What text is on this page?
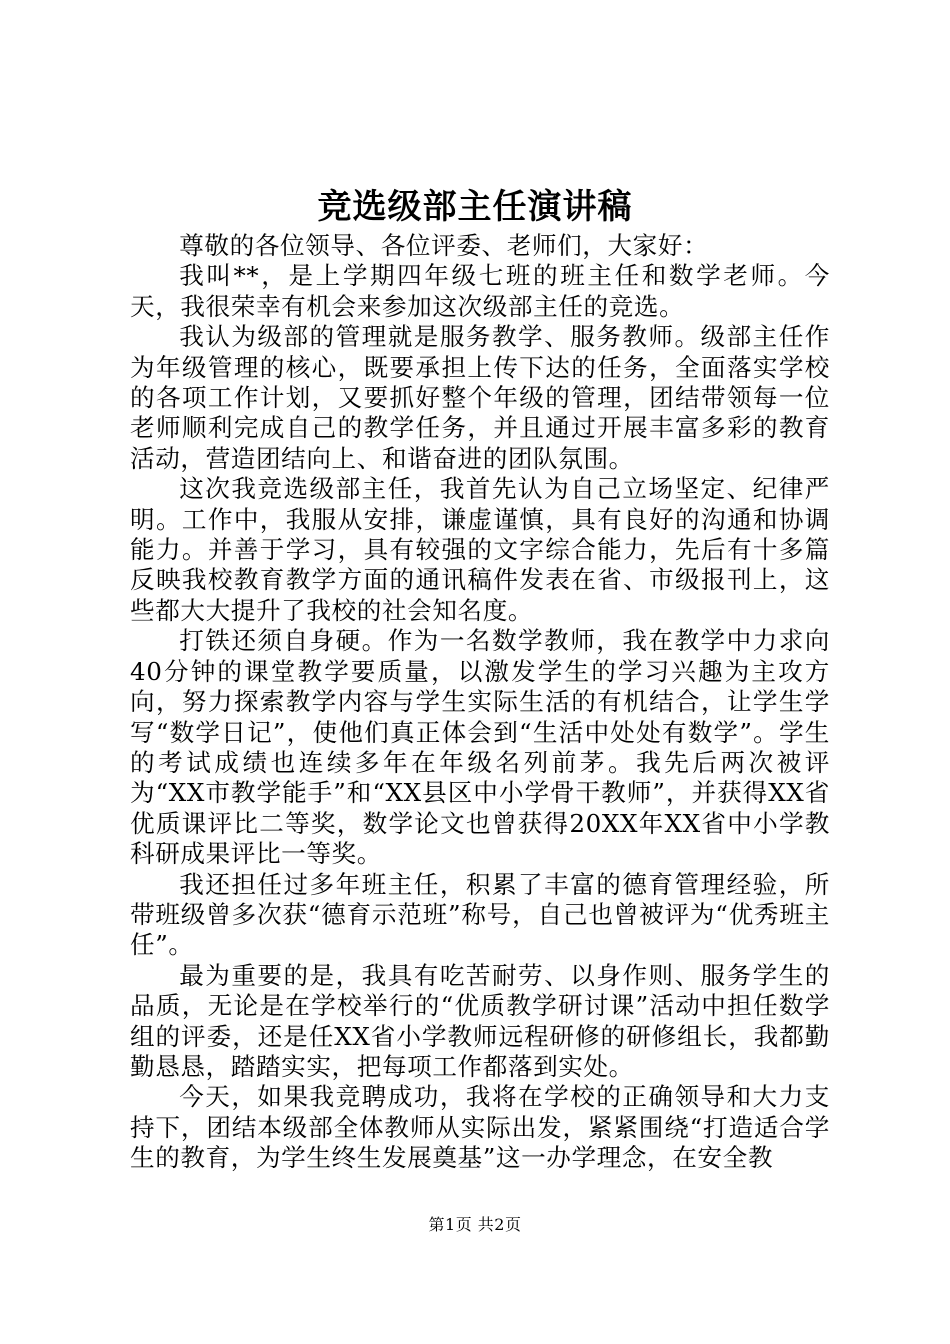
竞选级部主任演讲稿

尊敬的各位领导、各位评委、老师们，大家好：

我叫**，是上学期四年级七班的班主任和数学老师。今天，我很荣幸有机会来参加这次级部主任的竞选。

我认为级部的管理就是服务教学、服务教师。级部主任作为年级管理的核心，既要承担上传下达的任务，全面落实学校的各项工作计划，又要抓好整个年级的管理，团结带领每一位老师顺利完成自己的教学任务，并且通过开展丰富多彩的教育活动，营造团结向上、和谐奋进的团队氛围。

这次我竞选级部主任，我首先认为自己立场坚定、纪律严明。工作中，我服从安排，谦虚谨慎，具有良好的沟通和协调能力。并善于学习，具有较强的文字综合能力，先后有十多篇反映我校教育教学方面的通讯稿件发表在省、市级报刊上，这些都大大提升了我校的社会知名度。

打铁还须自身硬。作为一名数学教师，我在教学中力求向40分钟的课堂教学要质量，以激发学生的学习兴趣为主攻方向，努力探索教学内容与学生实际生活的有机结合，让学生学写“数学日记”，使他们真正体会到“生活中处处有数学”。学生的考试成绩也连续多年在年级名列前茅。我先后两次被评为“XX市教学能手”和“XX县区中小学骨干教师”，并获得XX省优质课评比二等奖，数学论文也曾获得20XX年XX省中小学教科研成果评比一等奖。

我还担任过多年班主任，积累了丰富的德育管理经验，所带班级曾多次获“德育示范班”称号，自己也曾被评为“优秀班主任”。

最为重要的是，我具有吃苦耐劳、以身作则、服务学生的品质，无论是在学校举行的“优质教学研讨课”活动中担任数学组的评委，还是任XX省小学教师远程研修的研修组长，我都勤勤恳恳，踏踏实实，把每项工作都落到实处。

今天，如果我竞聘成功，我将在学校的正确领导和大力支持下，团结本级部全体教师从实际出发，紧紧围绕“打造适合学生的教育，为学生终生发展奠基”这一办学理念，在安全教

第1页 共2页
